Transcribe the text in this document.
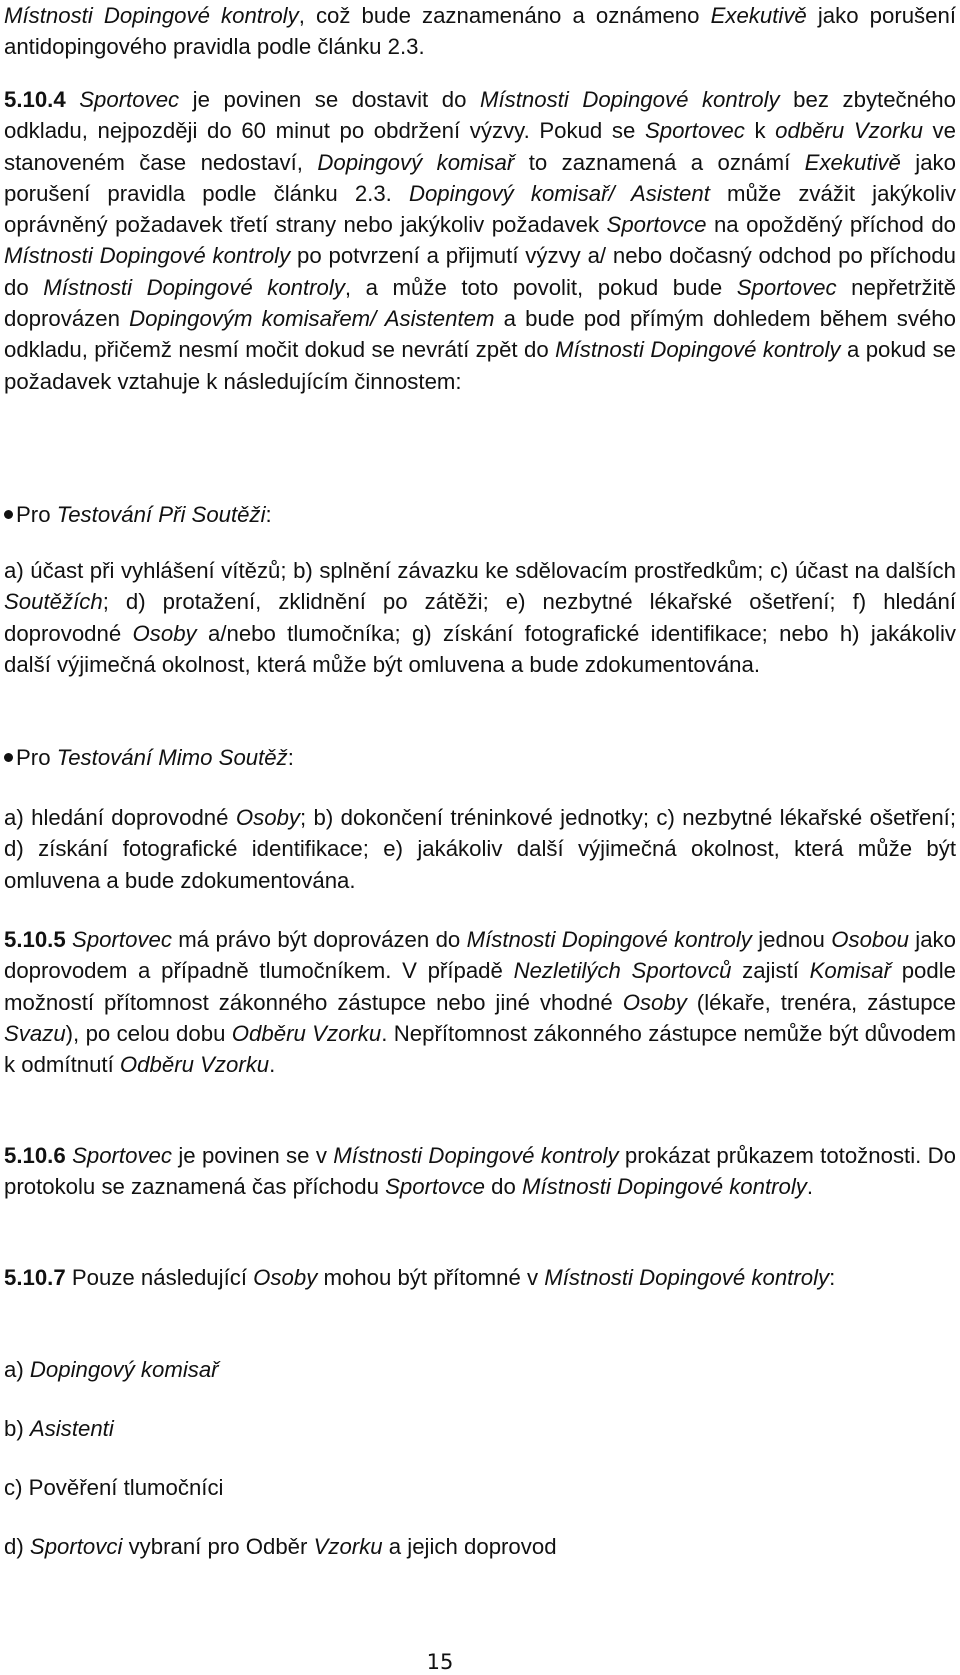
Místnosti Dopingové kontroly, což bude zaznamenáno a oznámeno Exekutivě jako porušení antidopingového pravidla podle článku 2.3.

5.10.4 Sportovec je povinen se dostavit do Místnosti Dopingové kontroly bez zbytečného odkladu, nejpozději do 60 minut po obdržení výzvy. Pokud se Sportovec k odběru Vzorku ve stanoveném čase nedostaví, Dopingový komisař to zaznamená a oznámí Exekutivě jako porušení pravidla podle článku 2.3. Dopingový komisař/ Asistent může zvážit jakýkoliv oprávněný požadavek třetí strany nebo jakýkoliv požadavek Sportovce na opožděný příchod do Místnosti Dopingové kontroly po potvrzení a přijmutí výzvy a/ nebo dočasný odchod po příchodu do Místnosti Dopingové kontroly, a může toto povolit, pokud bude Sportovec nepřetržitě doprovázen Dopingovým komisařem/ Asistentem a bude pod přímým dohledem během svého odkladu, přičemž nesmí močit dokud se nevrátí zpět do Místnosti Dopingové kontroly a pokud se požadavek vztahuje k následujícím činnostem:

Pro Testování Při Soutěži:

a) účast při vyhlášení vítězů; b) splnění závazku ke sdělovacím prostředkům; c) účast na dalších Soutěžích; d) protažení, zklidnění po zátěži; e) nezbytné lékařské ošetření; f) hledání doprovodné Osoby a/nebo tlumočníka; g) získání fotografické identifikace; nebo h) jakákoliv další výjimečná okolnost, která může být omluvena a bude zdokumentována.

Pro Testování Mimo Soutěž:

a) hledání doprovodné Osoby; b) dokončení tréninkové jednotky; c) nezbytné lékařské ošetření; d) získání fotografické identifikace; e) jakákoliv další výjimečná okolnost, která může být omluvena a bude zdokumentována.

5.10.5 Sportovec má právo být doprovázen do Místnosti Dopingové kontroly jednou Osobou jako doprovodem a případně tlumočníkem. V případě Nezletilých Sportovců zajistí Komisař podle možností přítomnost zákonného zástupce nebo jiné vhodné Osoby (lékaře, trenéra, zástupce Svazu), po celou dobu Odběru Vzorku. Nepřítomnost zákonného zástupce nemůže být důvodem k odmítnutí Odběru Vzorku.

5.10.6 Sportovec je povinen se v Místnosti Dopingové kontroly prokázat průkazem totožnosti. Do protokolu se zaznamená čas příchodu Sportovce do Místnosti Dopingové kontroly.

5.10.7 Pouze následující Osoby mohou být přítomné v Místnosti Dopingové kontroly:

a) Dopingový komisař

b) Asistenti

c) Pověření tlumočníci

d) Sportovci vybraní pro Odběr Vzorku a jejich doprovod

15
